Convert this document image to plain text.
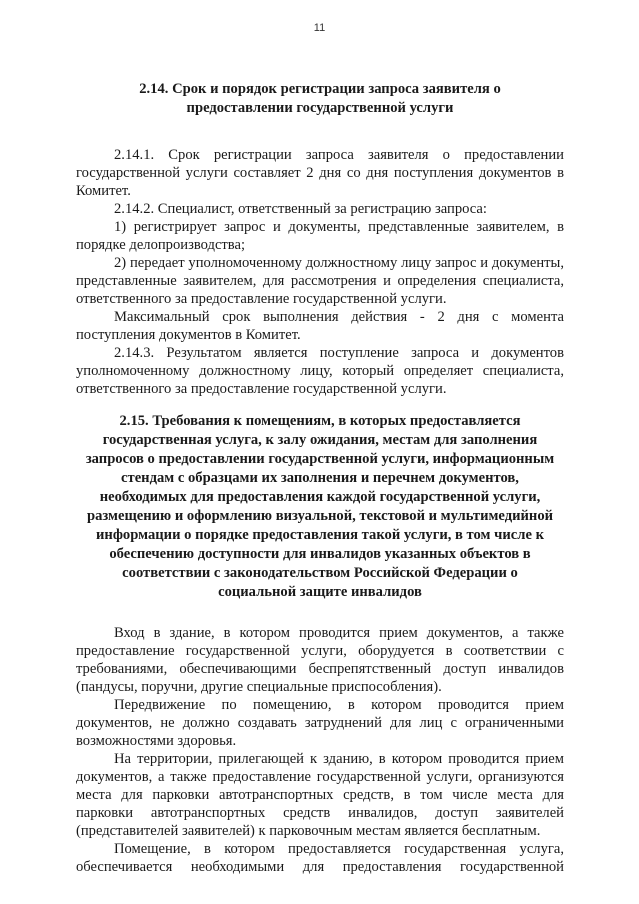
11
2.14. Срок и порядок регистрации запроса заявителя о
предоставлении государственной услуги

2.14.1. Срок регистрации запроса заявителя о предоставлении государственной услуги составляет 2 дня со дня поступления документов в Комитет.

2.14.2. Специалист, ответственный за регистрацию запроса:

1) регистрирует запрос и документы, представленные заявителем, в порядке делопроизводства;

2) передает уполномоченному должностному лицу запрос и документы, представленные заявителем, для рассмотрения и определения специалиста, ответственного за предоставление государственной услуги.

Максимальный срок выполнения действия - 2 дня с момента поступления документов в Комитет.

2.14.3. Результатом является поступление запроса и документов уполномоченному должностному лицу, который определяет специалиста, ответственного за предоставление государственной услуги.

2.15. Требования к помещениям, в которых предоставляется
государственная услуга, к залу ожидания, местам для заполнения
запросов о предоставлении государственной услуги, информационным
стендам с образцами их заполнения и перечнем документов,
необходимых для предоставления каждой государственной услуги,
размещению и оформлению визуальной, текстовой и мультимедийной
информации о порядке предоставления такой услуги, в том числе к
обеспечению доступности для инвалидов указанных объектов в
соответствии с законодательством Российской Федерации о
социальной защите инвалидов

Вход в здание, в котором проводится прием документов, а также предоставление государственной услуги, оборудуется в соответствии с требованиями, обеспечивающими беспрепятственный доступ инвалидов (пандусы, поручни, другие специальные приспособления).

Передвижение по помещению, в котором проводится прием документов, не должно создавать затруднений для лиц с ограниченными возможностями здоровья.

На территории, прилегающей к зданию, в котором проводится прием документов, а также предоставление государственной услуги, организуются места для парковки автотранспортных средств, в том числе места для парковки автотранспортных средств инвалидов, доступ заявителей (представителей заявителей) к парковочным местам является бесплатным.

Помещение, в котором предоставляется государственная услуга, обеспечивается необходимыми для предоставления государственной
